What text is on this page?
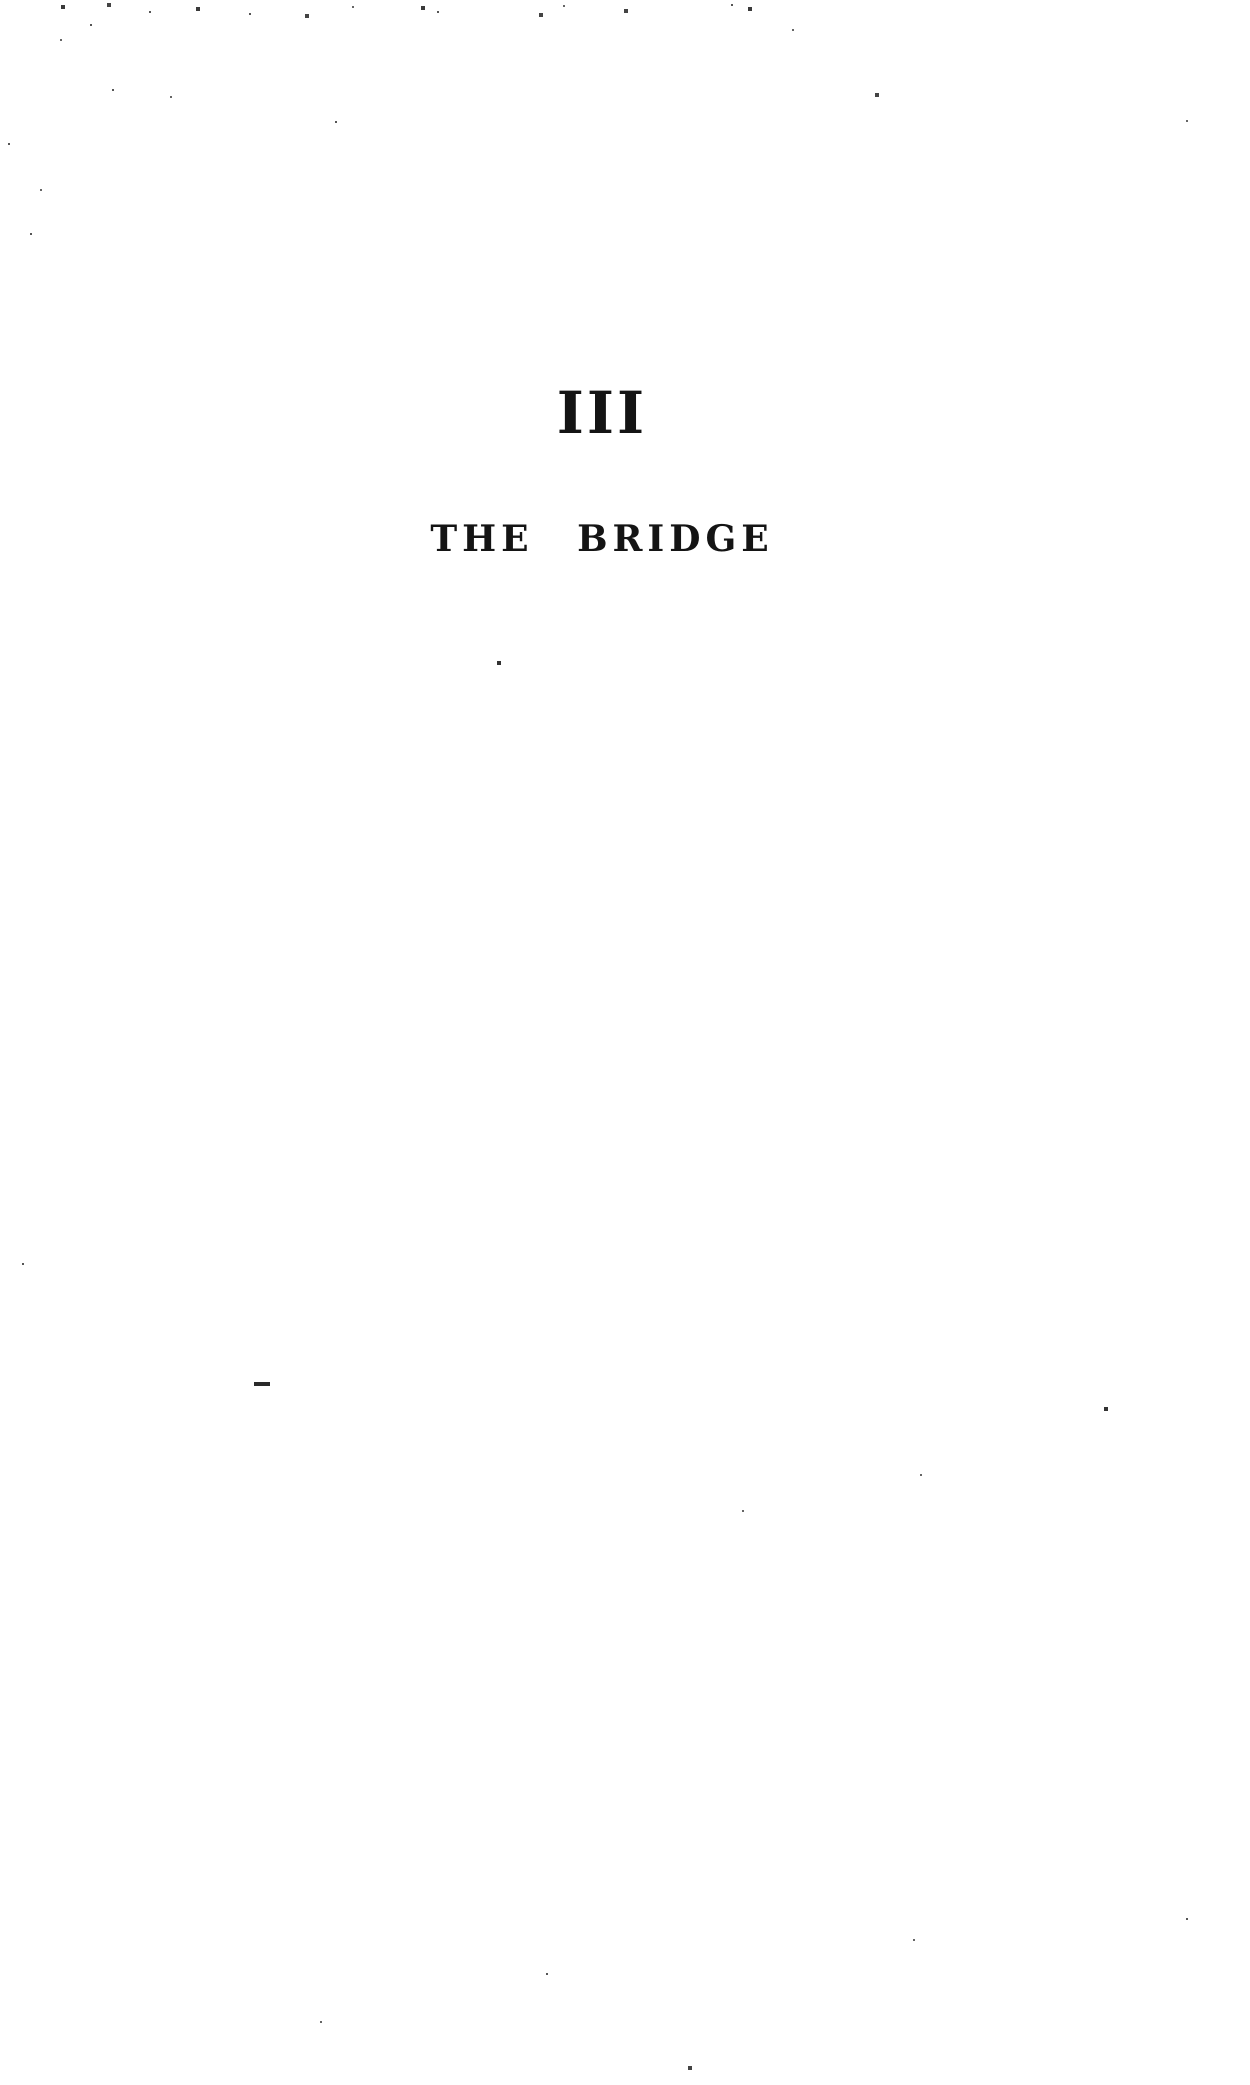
III
THE BRIDGE
